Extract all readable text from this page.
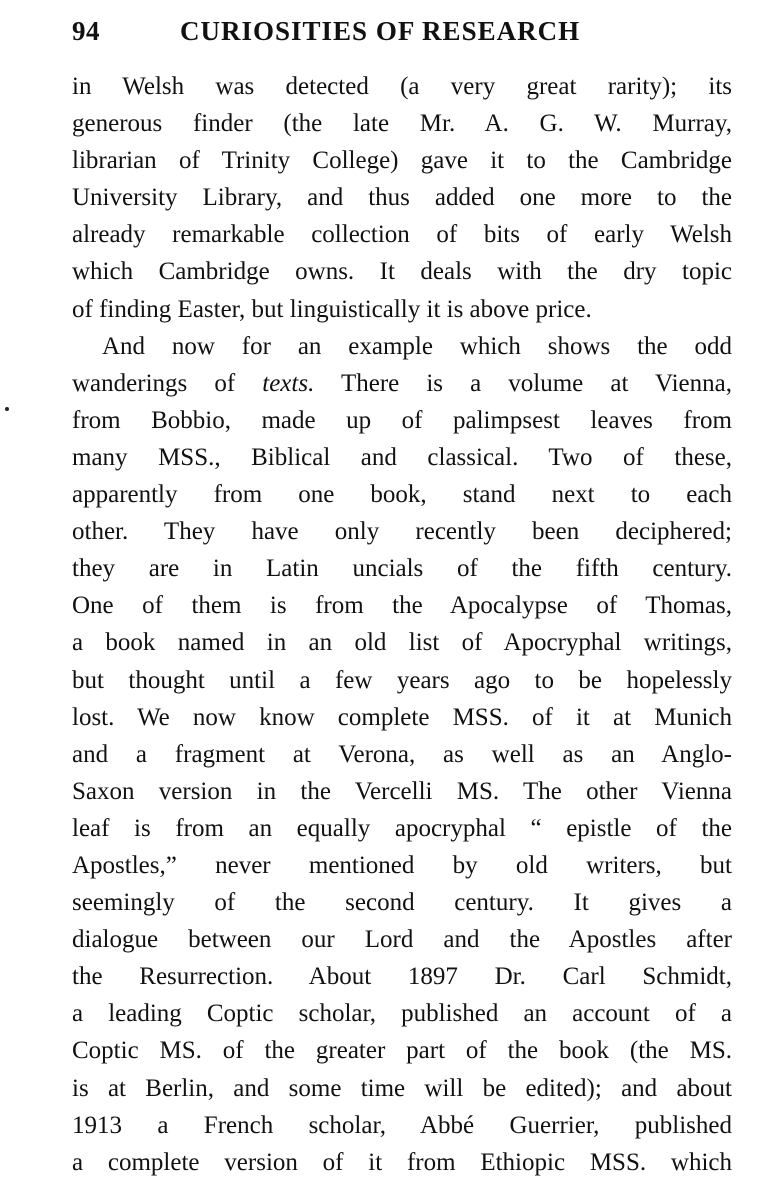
94	CURIOSITIES OF RESEARCH
in Welsh was detected (a very great rarity); its
generous finder (the late Mr. A. G. W. Murray,
librarian of Trinity College) gave it to the Cambridge
University Library, and thus added one more to the
already remarkable collection of bits of early Welsh
which Cambridge owns. It deals with the dry topic
of finding Easter, but linguistically it is above price.
And now for an example which shows the odd
wanderings of texts. There is a volume at Vienna,
from Bobbio, made up of palimpsest leaves from
many MSS., Biblical and classical. Two of these,
apparently from one book, stand next to each
other. They have only recently been deciphered;
they are in Latin uncials of the fifth century.
One of them is from the Apocalypse of Thomas,
a book named in an old list of Apocryphal writings,
but thought until a few years ago to be hopelessly
lost. We now know complete MSS. of it at Munich
and a fragment at Verona, as well as an Anglo-
Saxon version in the Vercelli MS. The other Vienna
leaf is from an equally apocryphal “ epistle of the
Apostles,” never mentioned by old writers, but
seemingly of the second century. It gives a
dialogue between our Lord and the Apostles after
the Resurrection. About 1897 Dr. Carl Schmidt,
a leading Coptic scholar, published an account of a
Coptic MS. of the greater part of the book (the MS.
is at Berlin, and some time will be edited); and about
1913 a French scholar, Abbé Guerrier, published
a complete version of it from Ethiopic MSS. which
